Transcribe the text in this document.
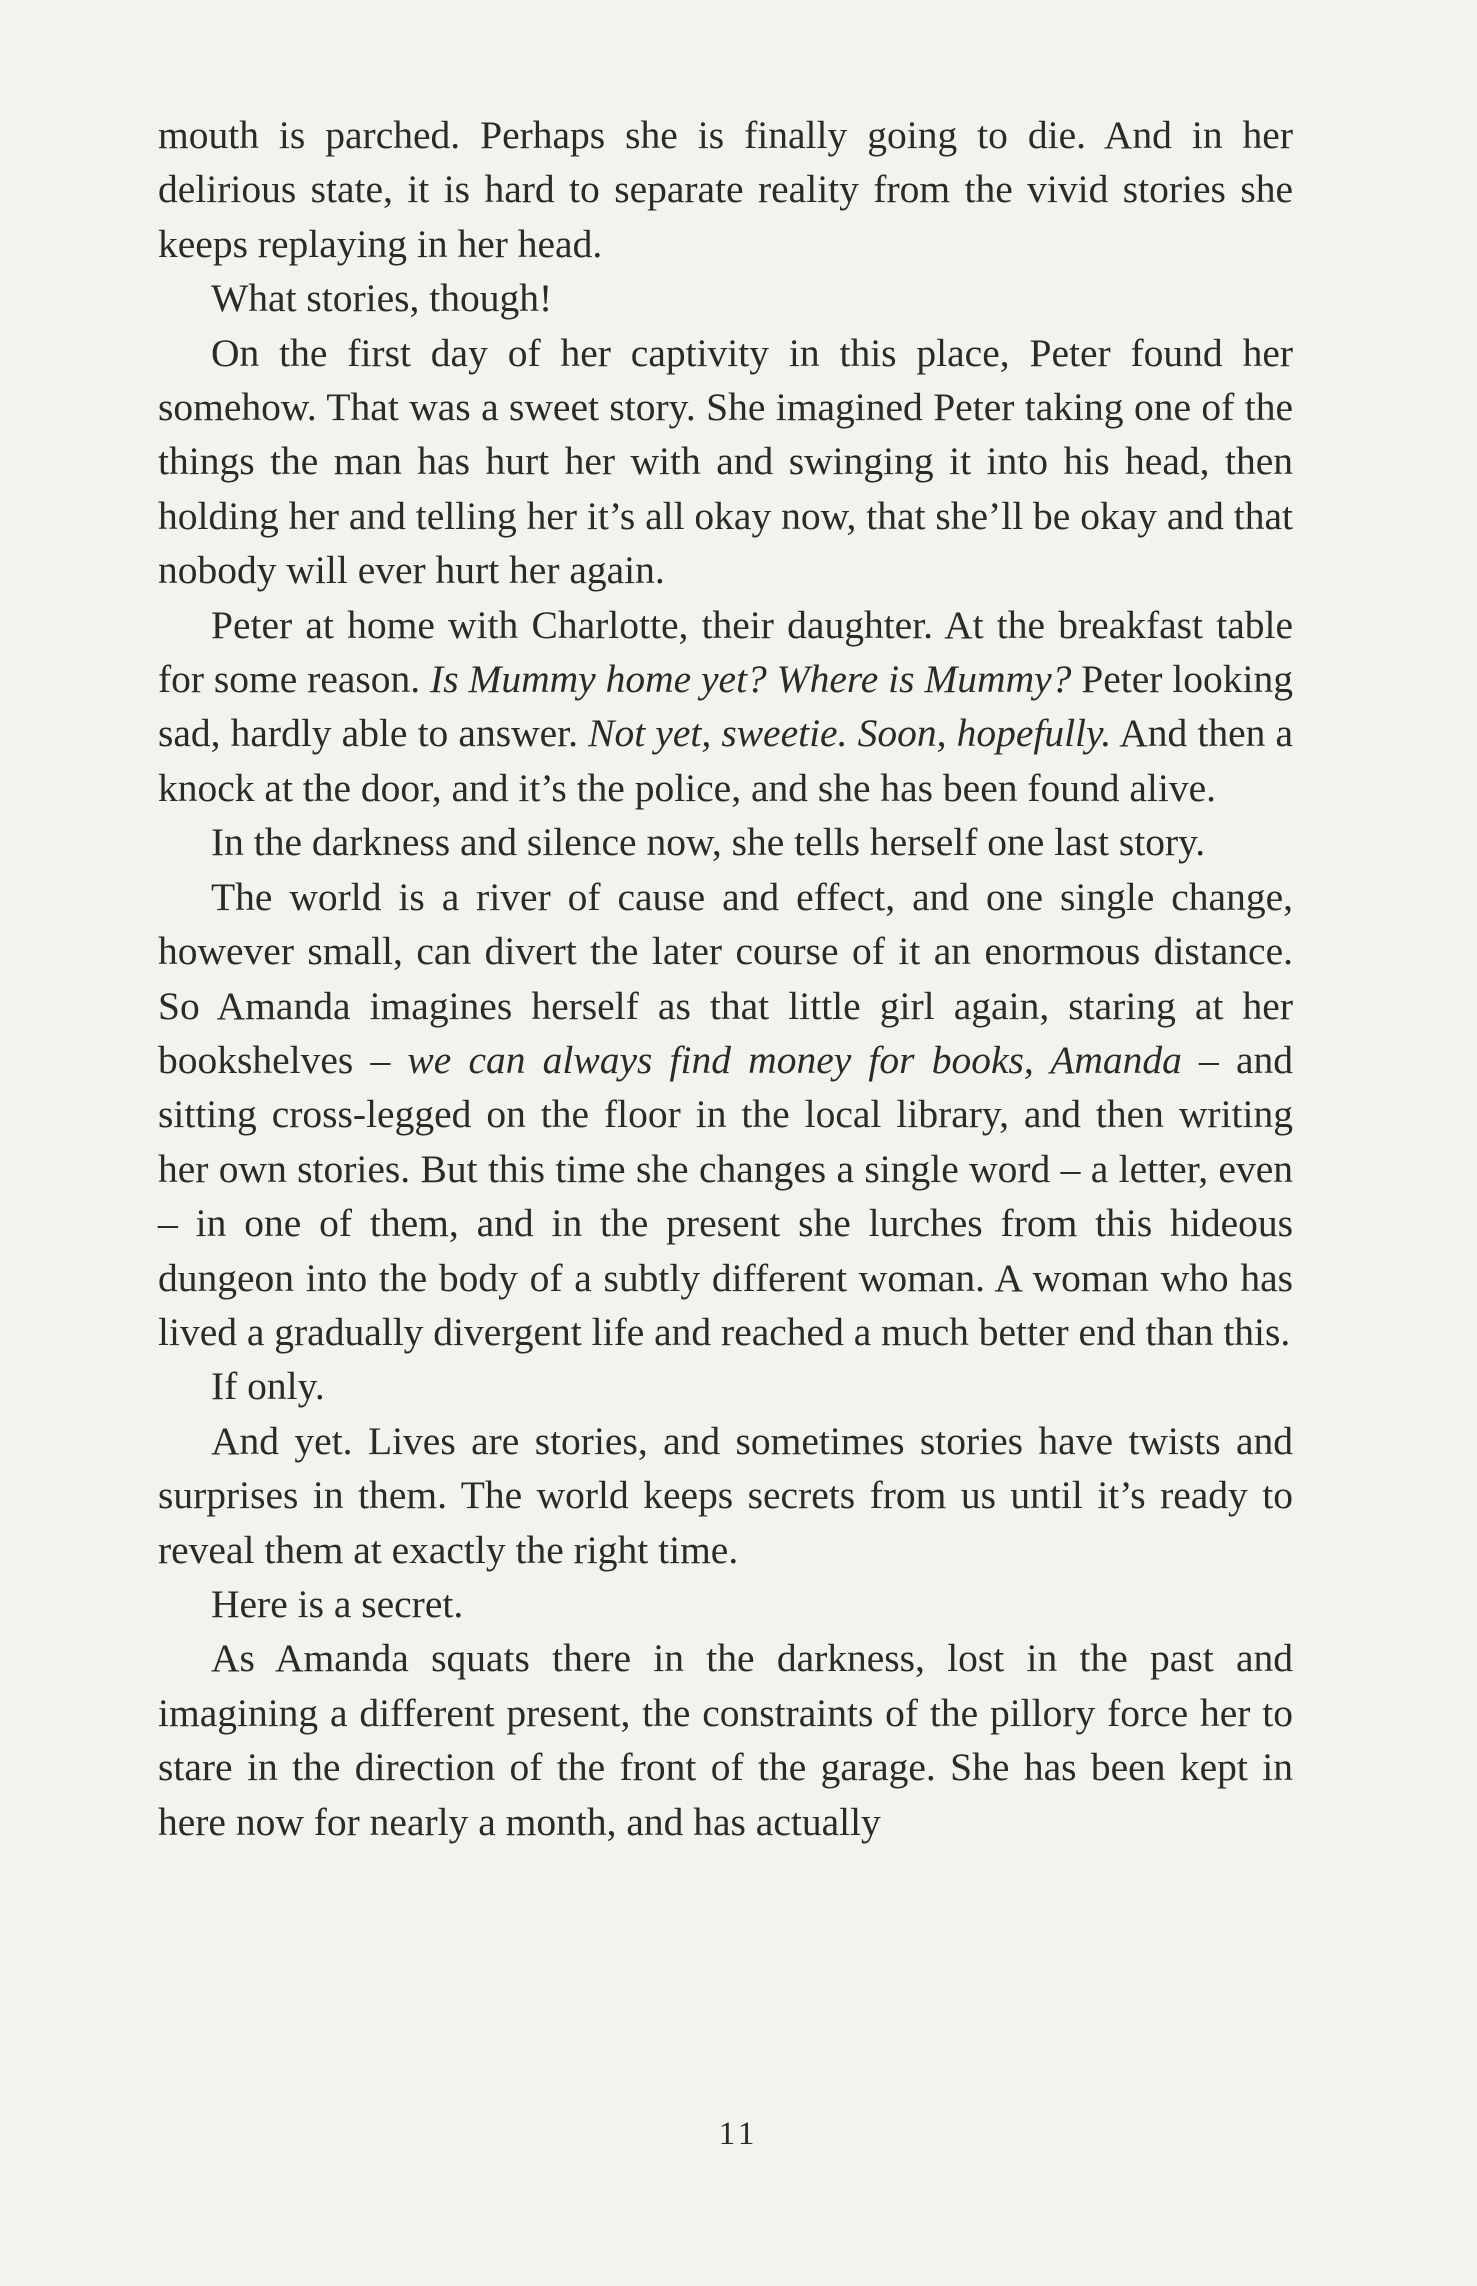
mouth is parched. Perhaps she is finally going to die. And in her delirious state, it is hard to separate reality from the vivid stories she keeps replaying in her head.

What stories, though!

On the first day of her captivity in this place, Peter found her somehow. That was a sweet story. She imagined Peter taking one of the things the man has hurt her with and swinging it into his head, then holding her and telling her it’s all okay now, that she’ll be okay and that nobody will ever hurt her again.

Peter at home with Charlotte, their daughter. At the breakfast table for some reason. Is Mummy home yet? Where is Mummy? Peter looking sad, hardly able to answer. Not yet, sweetie. Soon, hopefully. And then a knock at the door, and it’s the police, and she has been found alive.

In the darkness and silence now, she tells herself one last story.

The world is a river of cause and effect, and one single change, however small, can divert the later course of it an enormous distance. So Amanda imagines herself as that little girl again, staring at her bookshelves – we can always find money for books, Amanda – and sitting cross-legged on the floor in the local library, and then writing her own stories. But this time she changes a single word – a letter, even – in one of them, and in the present she lurches from this hideous dungeon into the body of a subtly different woman. A woman who has lived a gradually divergent life and reached a much better end than this.

If only.

And yet. Lives are stories, and sometimes stories have twists and surprises in them. The world keeps secrets from us until it’s ready to reveal them at exactly the right time.

Here is a secret.

As Amanda squats there in the darkness, lost in the past and imagining a different present, the constraints of the pillory force her to stare in the direction of the front of the garage. She has been kept in here now for nearly a month, and has actually

11
